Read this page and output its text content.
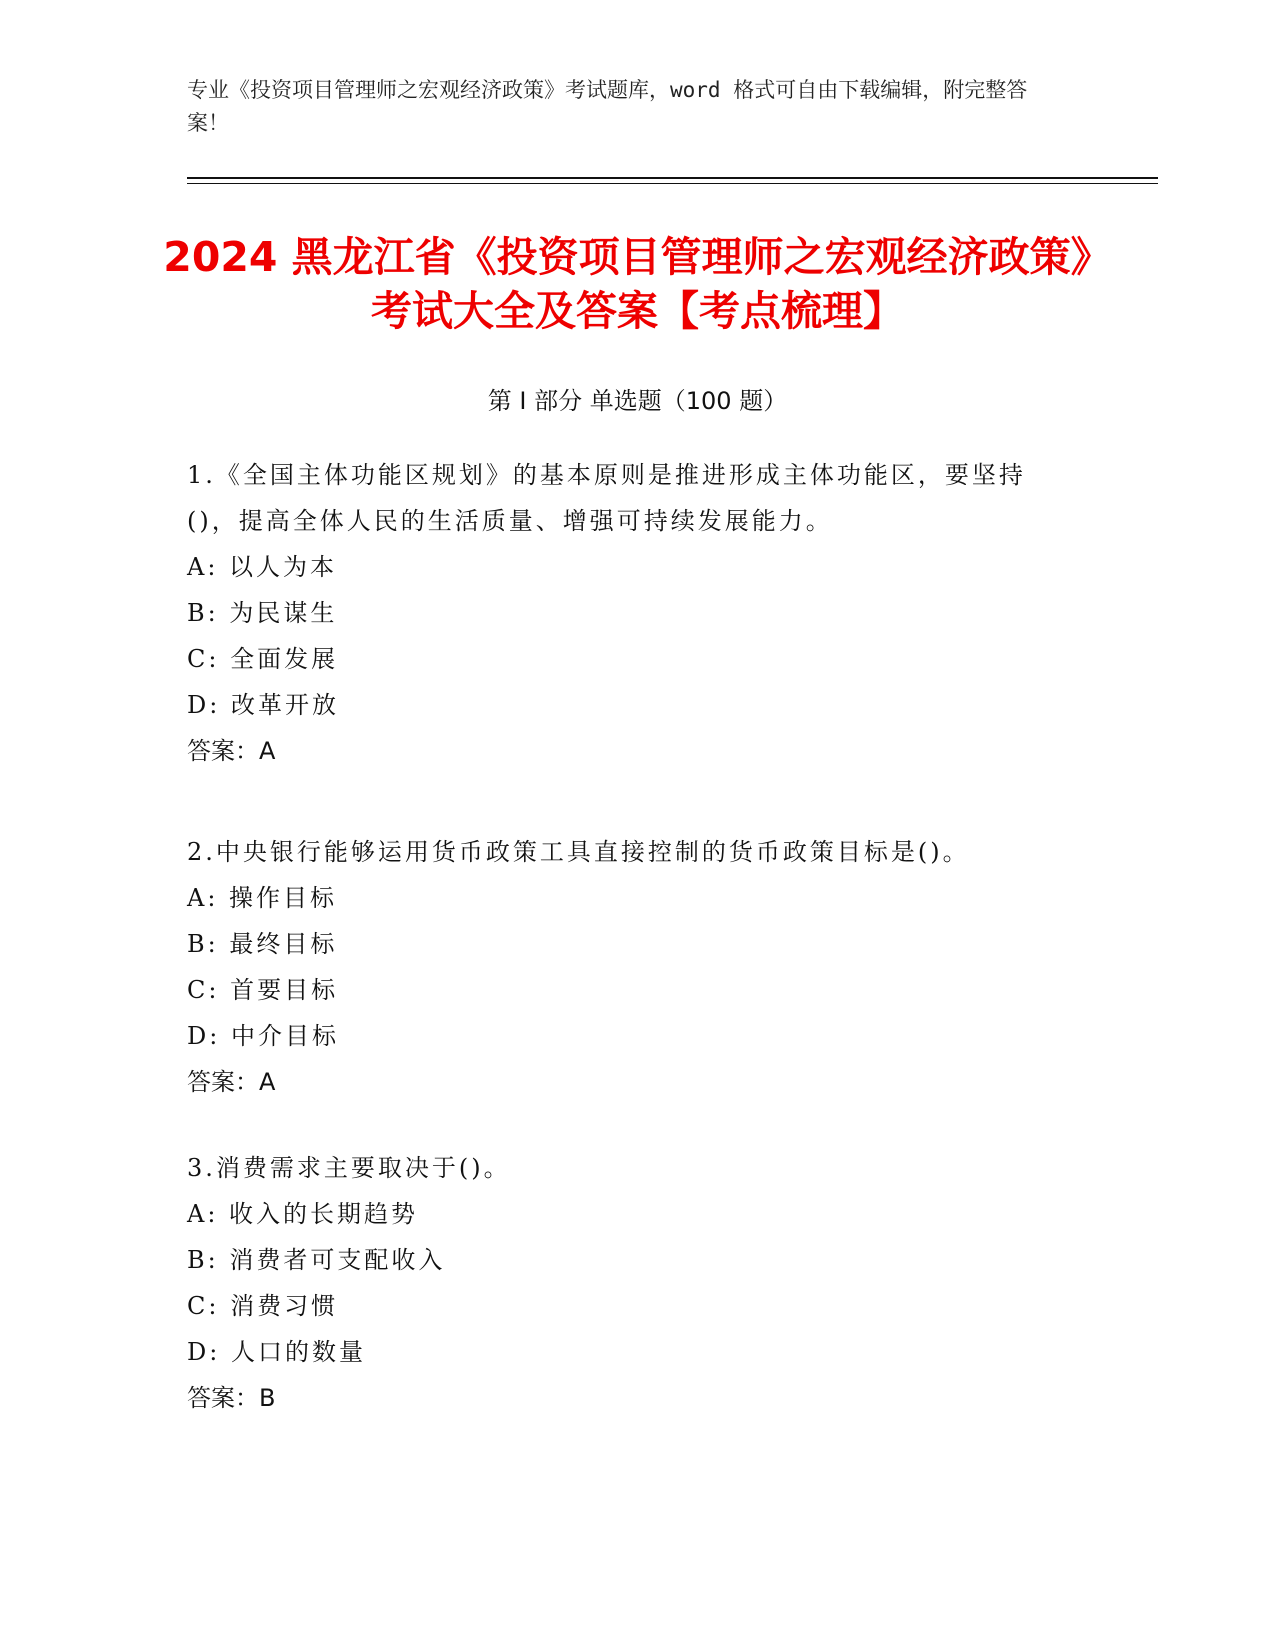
专业《投资项目管理师之宏观经济政策》考试题库，word 格式可自由下载编辑，附完整答案！
2024 黑龙江省《投资项目管理师之宏观经济政策》考试大全及答案【考点梳理】
第 I 部分 单选题（100 题）

1.《全国主体功能区规划》的基本原则是推进形成主体功能区，要坚持()，提高全体人民的生活质量、增强可持续发展能力。

A: 以人为本

B: 为民谋生

C: 全面发展

D: 改革开放

答案：A

2.中央银行能够运用货币政策工具直接控制的货币政策目标是()。

A: 操作目标

B: 最终目标

C: 首要目标

D: 中介目标

答案：A

3.消费需求主要取决于()。

A: 收入的长期趋势

B: 消费者可支配收入

C: 消费习惯

D: 人口的数量

答案：B
